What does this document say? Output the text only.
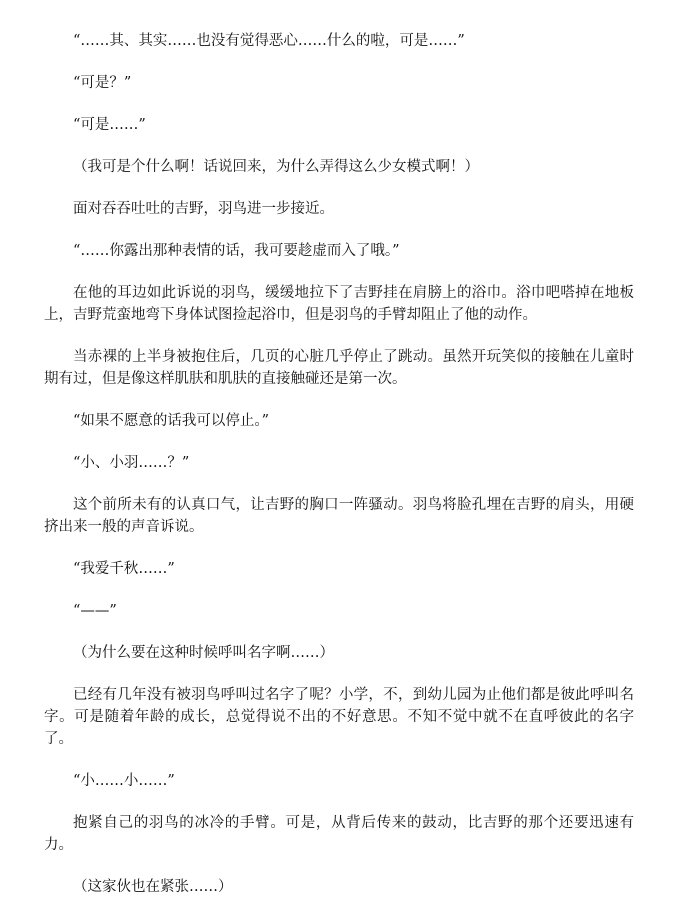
“……其、其实……也没有觉得恶心……什么的啦，可是……”

“可是？”

“可是……”

（我可是个什么啊！话说回来，为什么弄得这么少女模式啊！）

面对吞吞吐吐的吉野，羽鸟进一步接近。

“……你露出那种表情的话，我可要趁虚而入了哦。”

在他的耳边如此诉说的羽鸟，缓缓地拉下了吉野挂在肩膀上的浴巾。浴巾吧嗒掉在地板上，吉野荒蛮地弯下身体试图捡起浴巾，但是羽鸟的手臂却阻止了他的动作。

当赤裸的上半身被抱住后，几页的心脏几乎停止了跳动。虽然开玩笑似的接触在儿童时期有过，但是像这样肌肤和肌肤的直接触碰还是第一次。

“如果不愿意的话我可以停止。”

“小、小羽……？”

这个前所未有的认真口气，让吉野的胸口一阵骚动。羽鸟将脸孔埋在吉野的肩头，用硬挤出来一般的声音诉说。

“我爱千秋……”

“——”

（为什么要在这种时候呼叫名字啊……）

已经有几年没有被羽鸟呼叫过名字了呢？小学，不，到幼儿园为止他们都是彼此呼叫名字。可是随着年龄的成长，总觉得说不出的不好意思。不知不觉中就不在直呼彼此的名字了。

“小……小……”

抱紧自己的羽鸟的冰冷的手臂。可是，从背后传来的鼓动，比吉野的那个还要迅速有力。

（这家伙也在紧张……）
